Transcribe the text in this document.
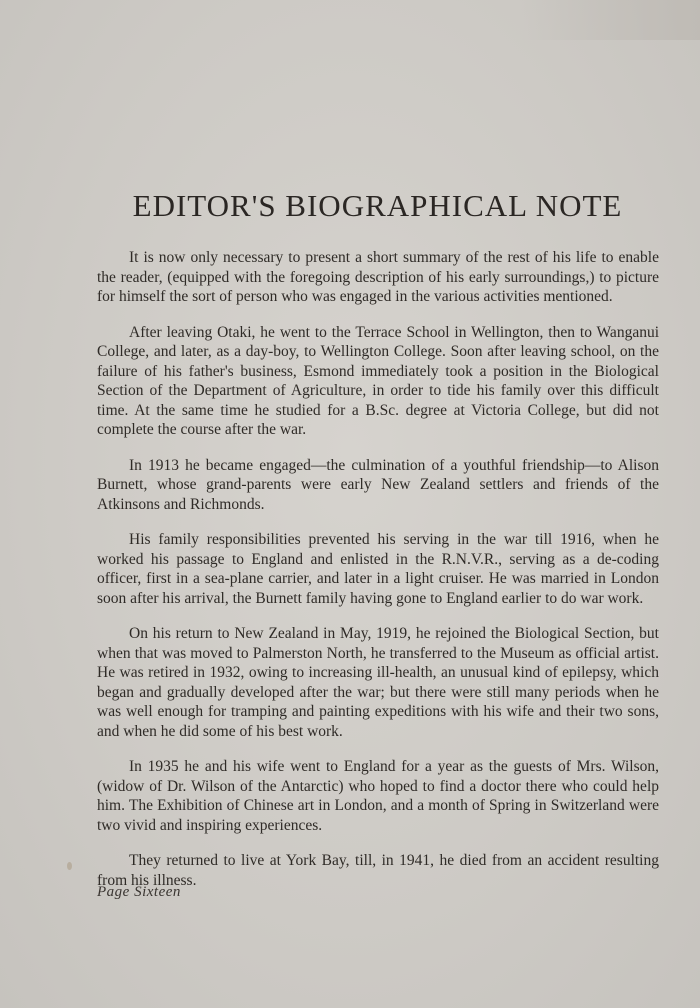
EDITOR'S BIOGRAPHICAL NOTE

It is now only necessary to present a short summary of the rest of his life to enable the reader, (equipped with the foregoing description of his early surroundings,) to picture for himself the sort of person who was engaged in the various activities mentioned.

After leaving Otaki, he went to the Terrace School in Wellington, then to Wanganui College, and later, as a day-boy, to Wellington College. Soon after leaving school, on the failure of his father's business, Esmond immediately took a position in the Biological Section of the Department of Agriculture, in order to tide his family over this difficult time. At the same time he studied for a B.Sc. degree at Victoria College, but did not complete the course after the war.

In 1913 he became engaged—the culmination of a youthful friendship—to Alison Burnett, whose grand-parents were early New Zealand settlers and friends of the Atkinsons and Richmonds.

His family responsibilities prevented his serving in the war till 1916, when he worked his passage to England and enlisted in the R.N.V.R., serving as a de-coding officer, first in a sea-plane carrier, and later in a light cruiser. He was married in London soon after his arrival, the Burnett family having gone to England earlier to do war work.

On his return to New Zealand in May, 1919, he rejoined the Biological Section, but when that was moved to Palmerston North, he transferred to the Museum as official artist. He was retired in 1932, owing to increasing ill-health, an unusual kind of epilepsy, which began and gradually developed after the war; but there were still many periods when he was well enough for tramping and painting expeditions with his wife and their two sons, and when he did some of his best work.

In 1935 he and his wife went to England for a year as the guests of Mrs. Wilson, (widow of Dr. Wilson of the Antarctic) who hoped to find a doctor there who could help him. The Exhibition of Chinese art in London, and a month of Spring in Switzerland were two vivid and inspiring experiences.

They returned to live at York Bay, till, in 1941, he died from an accident resulting from his illness.

Page Sixteen
